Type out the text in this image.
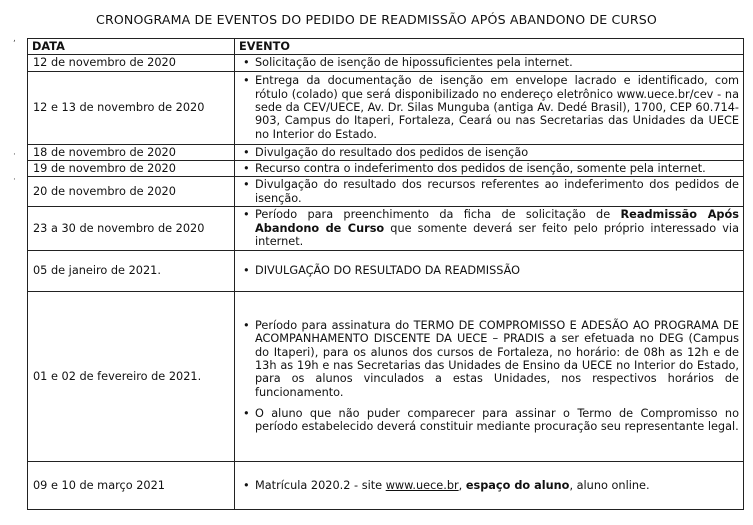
CRONOGRAMA DE EVENTOS DO PEDIDO DE READMISSÃO APÓS ABANDONO DE CURSO
,
·
·
DATA	EVENTO
12 de novembro de 2020	• Solicitação de isenção de hipossuficientes pela internet.

12 e 13 de novembro de 2020	• Entrega da documentação de isenção em envelope lacrado e identificado, com rótulo (colado) que será disponibilizado no endereço eletrônico www.uece.br/cev - na sede da CEV/UECE, Av. Dr. Silas Munguba (antiga Av. Dedé Brasil), 1700, CEP 60.714-903, Campus do Itaperi, Fortaleza, Ceará ou nas Secretarias das Unidades da UECE no Interior do Estado.

18 de novembro de 2020	• Divulgação do resultado dos pedidos de isenção

19 de novembro de 2020	• Recurso contra o indeferimento dos pedidos de isenção, somente pela internet.

20 de novembro de 2020	• Divulgação do resultado dos recursos referentes ao indeferimento dos pedidos de isenção.

23 a 30 de novembro de 2020	• Período para preenchimento da ficha de solicitação de Readmissão Após Abandono de Curso que somente deverá ser feito pelo próprio interessado via internet.

05 de janeiro de 2021.	• DIVULGAÇÃO DO RESULTADO DA READMISSÃO

01 e 02 de fevereiro de 2021.	• Período para assinatura do TERMO DE COMPROMISSO E ADESÃO AO PROGRAMA DE ACOMPANHAMENTO DISCENTE DA UECE – PRADIS a ser efetuada no DEG (Campus do Itaperi), para os alunos dos cursos de Fortaleza, no horário: de 08h as 12h e de 13h as 19h e nas Secretarias das Unidades de Ensino da UECE no Interior do Estado, para os alunos vinculados a estas Unidades, nos respectivos horários de funcionamento.
• O aluno que não puder comparecer para assinar o Termo de Compromisso no período estabelecido deverá constituir mediante procuração seu representante legal.

09 e 10 de março 2021	• Matrícula 2020.2 - site www.uece.br, espaço do aluno, aluno online.
